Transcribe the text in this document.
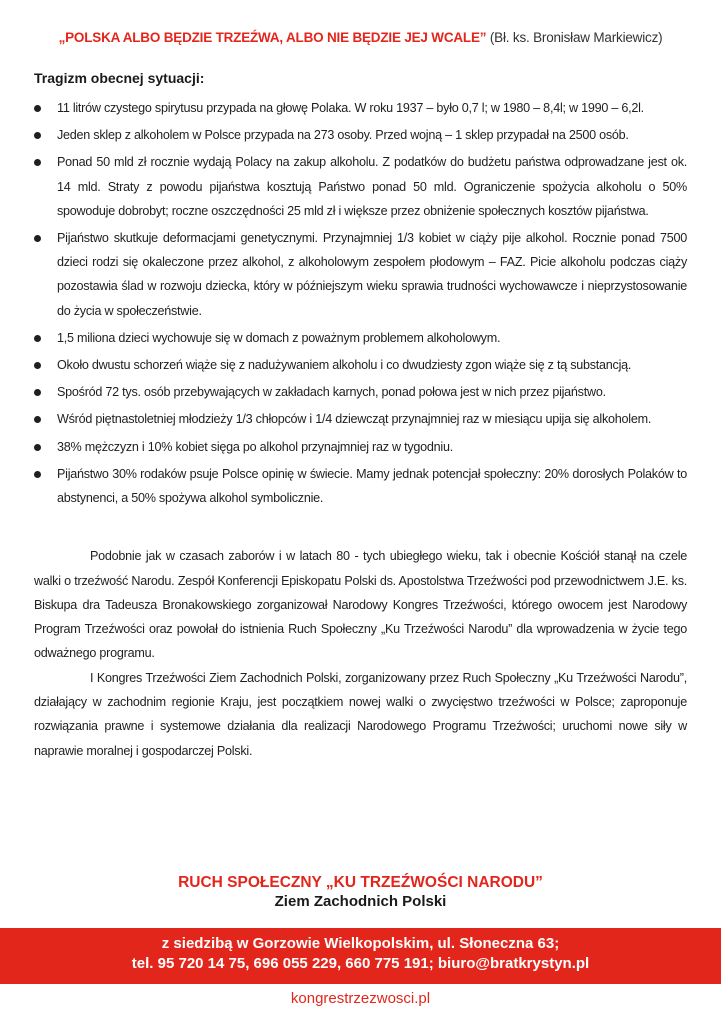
„POLSKA ALBO BĘDZIE TRZEŹWA, ALBO NIE BĘDZIE JEJ WCALE” (Bł. ks. Bronisław Markiewicz)

Tragizm obecnej sytuacji:

11 litrów czystego spirytusu przypada na głowę Polaka. W roku 1937 – było 0,7 l; w 1980 – 8,4l; w 1990 – 6,2l.
Jeden sklep z alkoholem w Polsce przypada na 273 osoby. Przed wojną – 1 sklep przypadał na 2500 osób.
Ponad 50 mld zł rocznie wydają Polacy na zakup alkoholu. Z podatków do budżetu państwa odprowadzane jest ok. 14 mld. Straty z powodu pijaństwa kosztują Państwo ponad 50 mld. Ograniczenie spożycia alkoholu o 50% spowoduje dobrobyt; roczne oszczędności 25 mld zł i większe przez obniżenie społecznych kosztów pijaństwa.
Pijaństwo skutkuje deformacjami genetycznymi. Przynajmniej 1/3 kobiet w ciąży pije alkohol. Rocznie ponad 7500 dzieci rodzi się okaleczone przez alkohol, z alkoholowym zespołem płodowym – FAZ. Picie alkoholu podczas ciąży pozostawia ślad w rozwoju dziecka, który w późniejszym wieku sprawia trudności wychowawcze i nieprzystosowanie do życia w społeczeństwie.
1,5 miliona dzieci wychowuje się w domach z poważnym problemem alkoholowym.
Około dwustu schorzeń wiąże się z nadużywaniem alkoholu i co dwudziesty zgon wiąże się z tą substancją.
Spośród 72 tys. osób przebywających w zakładach karnych, ponad połowa jest w nich przez pijaństwo.
Wśród piętnastoletniej młodzieży 1/3 chłopców i 1/4 dziewcząt przynajmniej raz w miesiącu upija się alkoholem.
38% mężczyzn i 10% kobiet sięga po alkohol przynajmniej raz w tygodniu.
Pijaństwo 30% rodaków psuje Polsce opinię w świecie. Mamy jednak potencjał społeczny: 20% dorosłych Polaków to abstynenci, a 50% spożywa alkohol symbolicznie.

Podobnie jak w czasach zaborów i w latach 80 - tych ubiegłego wieku, tak i obecnie Kościół stanął na czele walki o trzeźwość Narodu. Zespół Konferencji Episkopatu Polski ds. Apostolstwa Trzeźwości pod przewodnictwem J.E. ks. Biskupa dra Tadeusza Bronakowskiego zorganizował Narodowy Kongres Trzeźwości, którego owocem jest Narodowy Program Trzeźwości oraz powołał do istnienia Ruch Społeczny „Ku Trzeźwości Narodu” dla wprowadzenia w życie tego odważnego programu.

I Kongres Trzeźwości Ziem Zachodnich Polski, zorganizowany przez Ruch Społeczny „Ku Trzeźwości Narodu”, działający w zachodnim regionie Kraju, jest początkiem nowej walki o zwycięstwo trzeźwości w Polsce; zaproponuje rozwiązania prawne i systemowe działania dla realizacji Narodowego Programu Trzeźwości; uruchomi nowe siły w naprawie moralnej i gospodarczej Polski.

RUCH SPOŁECZNY „KU TRZEŹWOŚCI NARODU”
Ziem Zachodnich Polski
z siedzibą w Gorzowie Wielkopolskim, ul. Słoneczna 63;
tel. 95 720 14 75, 696 055 229, 660 775 191; biuro@bratkrystyn.pl
kongrestrzezwosci.pl
